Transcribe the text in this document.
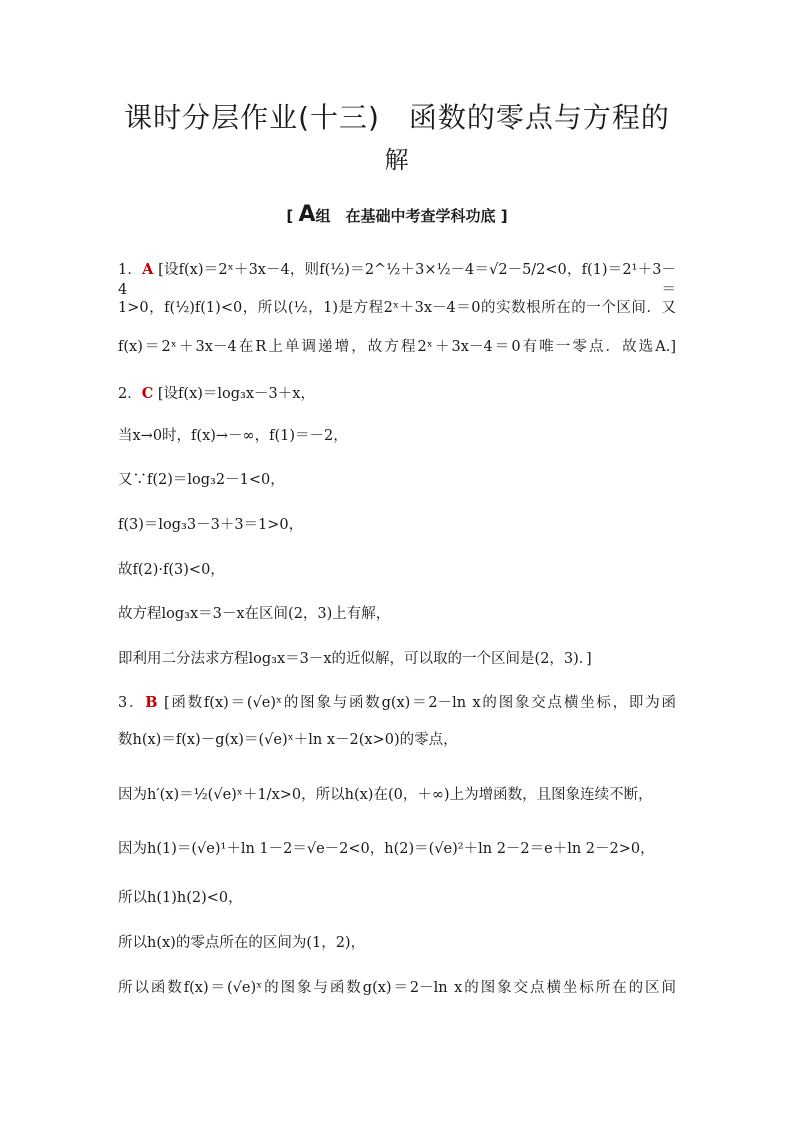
课时分层作业(十三)　函数的零点与方程的
解
[ A组　在基础中考查学科功底 ]
1．A [设f(x)＝2ˣ＋3x－4，则f(½)＝2^½＋3×½－4＝√2－5/2<0，f(1)＝2¹＋3－4＝
1>0，f(½)f(1)<0，所以(½，1)是方程2ˣ＋3x－4＝0的实数根所在的一个区间．又
f(x)＝2ˣ＋3x－4在R上单调递增，故方程2ˣ＋3x－4＝0有唯一零点．故选A.]
2．C [设f(x)＝log₃x－3＋x，
当x→0时，f(x)→－∞，f(1)＝－2，
又∵f(2)＝log₃2－1<0，
f(3)＝log₃3－3＋3＝1>0，
故f(2)·f(3)<0，
故方程log₃x＝3－x在区间(2，3)上有解，
即利用二分法求方程log₃x＝3－x的近似解，可以取的一个区间是(2，3)．]
3．B [函数f(x)＝(√e)ˣ的图象与函数g(x)＝2－ln x的图象交点横坐标，即为函
数h(x)＝f(x)－g(x)＝(√e)ˣ＋ln x－2(x>0)的零点，
因为h′(x)＝½(√e)ˣ＋1/x>0，所以h(x)在(0，＋∞)上为增函数，且图象连续不断，
因为h(1)＝(√e)¹＋ln 1－2＝√e－2<0，h(2)＝(√e)²＋ln 2－2＝e＋ln 2－2>0，
所以h(1)h(2)<0，
所以h(x)的零点所在的区间为(1，2)，
所以函数f(x)＝(√e)ˣ的图象与函数g(x)＝2－ln x的图象交点横坐标所在的区间
